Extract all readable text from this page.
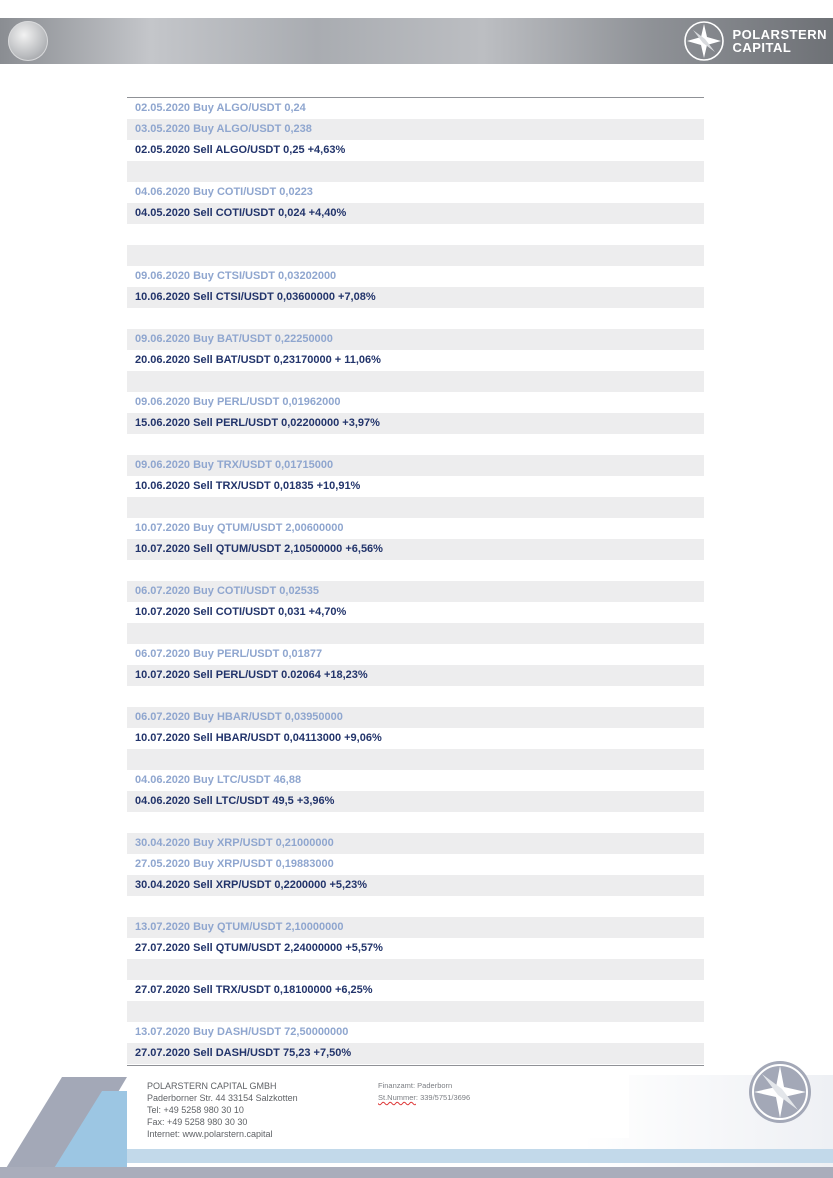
POLARSTERN
CAPITAL
02.05.2020 Buy ALGO/USDT 0,24
03.05.2020 Buy ALGO/USDT 0,238
02.05.2020 Sell ALGO/USDT 0,25 +4,63%
04.06.2020 Buy COTI/USDT 0,0223
04.05.2020 Sell COTI/USDT 0,024 +4,40%
09.06.2020 Buy CTSI/USDT 0,03202000
10.06.2020 Sell CTSI/USDT 0,03600000 +7,08%
09.06.2020 Buy BAT/USDT 0,22250000
20.06.2020 Sell BAT/USDT 0,23170000 + 11,06%
09.06.2020 Buy PERL/USDT 0,01962000
15.06.2020 Sell PERL/USDT 0,02200000 +3,97%
09.06.2020 Buy TRX/USDT 0,01715000
10.06.2020 Sell TRX/USDT 0,01835 +10,91%
10.07.2020 Buy QTUM/USDT 2,00600000
10.07.2020 Sell QTUM/USDT 2,10500000 +6,56%
06.07.2020 Buy COTI/USDT 0,02535
10.07.2020 Sell COTI/USDT 0,031 +4,70%
06.07.2020 Buy PERL/USDT 0,01877
10.07.2020 Sell PERL/USDT 0.02064 +18,23%
06.07.2020 Buy HBAR/USDT 0,03950000
10.07.2020 Sell HBAR/USDT 0,04113000 +9,06%
04.06.2020 Buy LTC/USDT 46,88
04.06.2020 Sell LTC/USDT 49,5 +3,96%
30.04.2020 Buy XRP/USDT 0,21000000
27.05.2020 Buy XRP/USDT 0,19883000
30.04.2020 Sell XRP/USDT 0,2200000 +5,23%
13.07.2020 Buy QTUM/USDT 2,10000000
27.07.2020 Sell QTUM/USDT 2,24000000 +5,57%
27.07.2020 Sell TRX/USDT 0,18100000 +6,25%
13.07.2020 Buy DASH/USDT 72,50000000
27.07.2020 Sell DASH/USDT 75,23 +7,50%
POLARSTERN CAPITAL GMBH
Paderborner Str. 44 33154 Salzkotten
Tel: +49 5258 980 30 10
Fax: +49 5258 980 30 30
Internet: www.polarstern.capital
Finanzamt: Paderborn
St.Nummer: 339/5751/3696
